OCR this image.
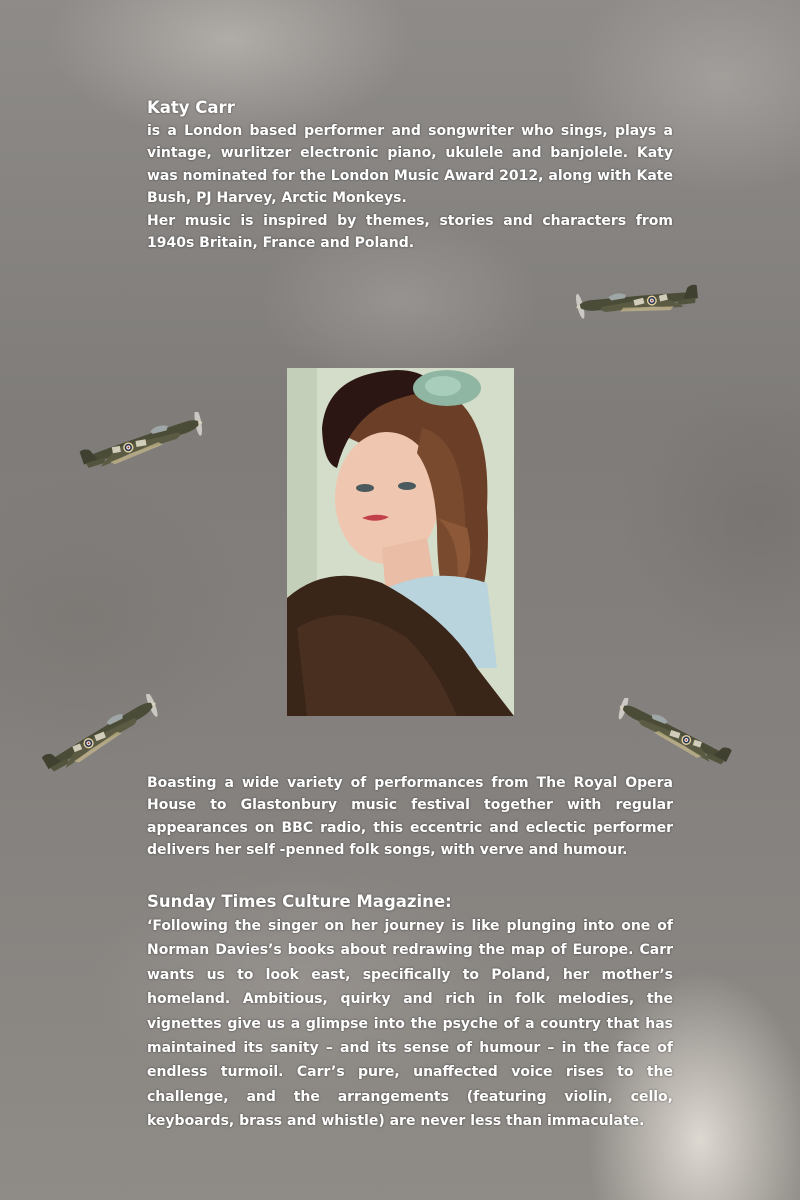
Katy Carr

is a London based performer and songwriter who sings, plays a vintage, wurlitzer electronic piano, ukulele and banjolele. Katy was nominated for the London Music Award 2012, along with Kate Bush, PJ Harvey, Arctic Monkeys.

Her music is inspired by themes, stories and characters from 1940s Britain, France and Poland.

Boasting a wide variety of performances from The Royal Opera House to Glastonbury music festival together with regular appearances on BBC radio, this eccentric and eclectic performer delivers her self -penned folk songs, with verve and humour.

Sunday Times Culture Magazine:

‘Following the singer on her journey is like plunging into one of Norman Davies’s books about redrawing the map of Europe. Carr wants us to look east, specifically to Poland, her mother’s homeland. Ambitious, quirky and rich in folk melodies, the vignettes give us a glimpse into the psyche of a country that has maintained its sanity – and its sense of humour – in the face of endless turmoil. Carr’s pure, unaffected voice rises to the challenge, and the arrangements (featuring violin, cello, keyboards, brass and whistle) are never less than immaculate.
